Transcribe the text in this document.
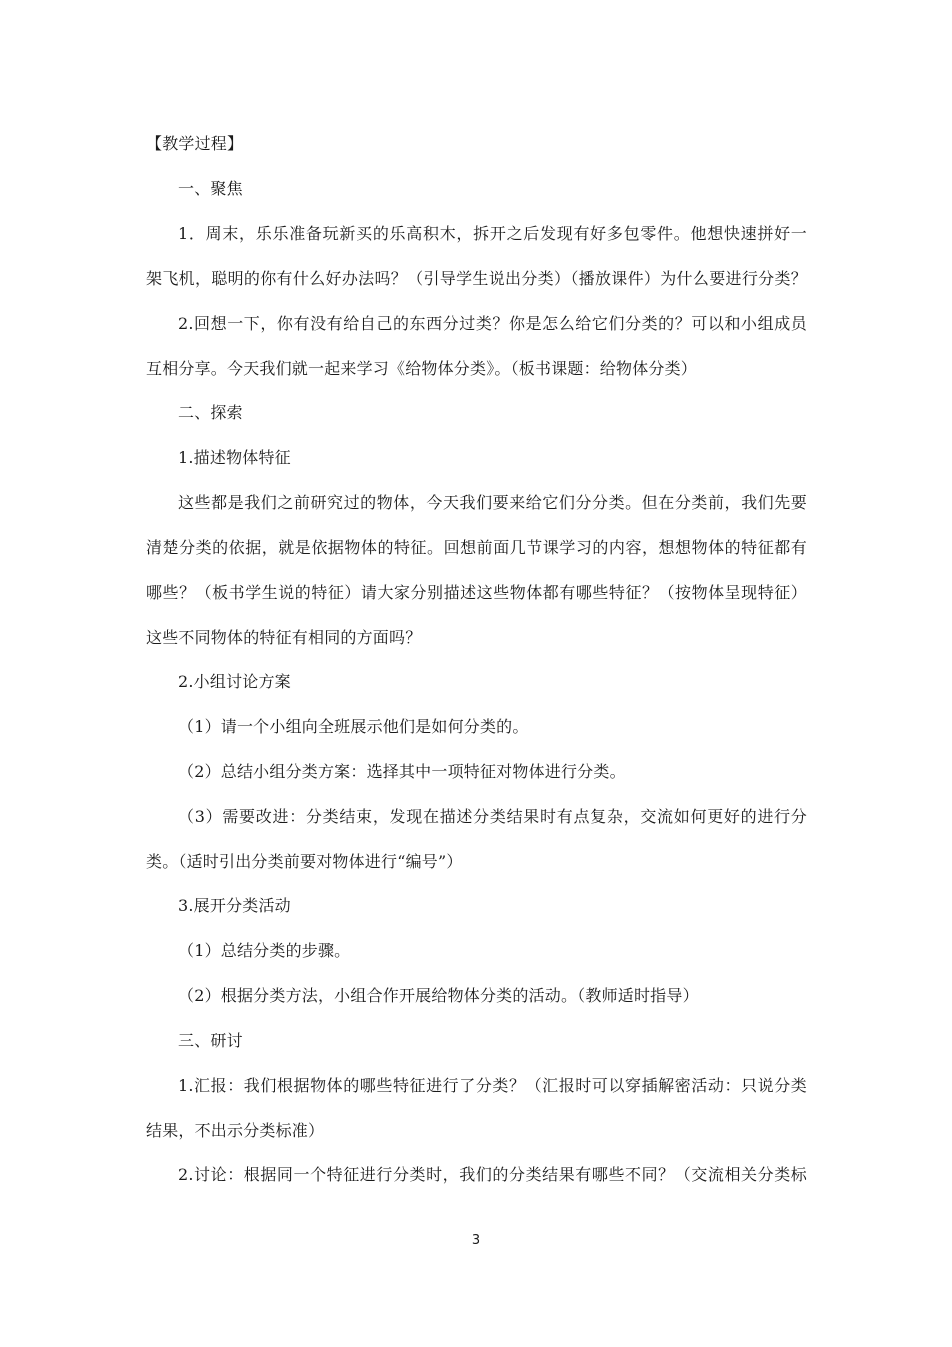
【教学过程】
一、聚焦
1．周末，乐乐准备玩新买的乐高积木，拆开之后发现有好多包零件。他想快速拼好一
架飞机，聪明的你有什么好办法吗？（引导学生说出分类）（播放课件）为什么要进行分类？
2.回想一下，你有没有给自己的东西分过类？你是怎么给它们分类的？可以和小组成员
互相分享。今天我们就一起来学习《给物体分类》。（板书课题：给物体分类）
二、探索
1.描述物体特征
这些都是我们之前研究过的物体，今天我们要来给它们分分类。但在分类前，我们先要
清楚分类的依据，就是依据物体的特征。回想前面几节课学习的内容，想想物体的特征都有
哪些？（板书学生说的特征）请大家分别描述这些物体都有哪些特征？（按物体呈现特征）
这些不同物体的特征有相同的方面吗？
2.小组讨论方案
（1）请一个小组向全班展示他们是如何分类的。
（2）总结小组分类方案：选择其中一项特征对物体进行分类。
（3）需要改进：分类结束，发现在描述分类结果时有点复杂，交流如何更好的进行分
类。（适时引出分类前要对物体进行“编号”）
3.展开分类活动
（1）总结分类的步骤。
（2）根据分类方法，小组合作开展给物体分类的活动。（教师适时指导）
三、研讨
1.汇报：我们根据物体的哪些特征进行了分类？（汇报时可以穿插解密活动：只说分类
结果，不出示分类标准）
2.讨论：根据同一个特征进行分类时，我们的分类结果有哪些不同？（交流相关分类标
3
